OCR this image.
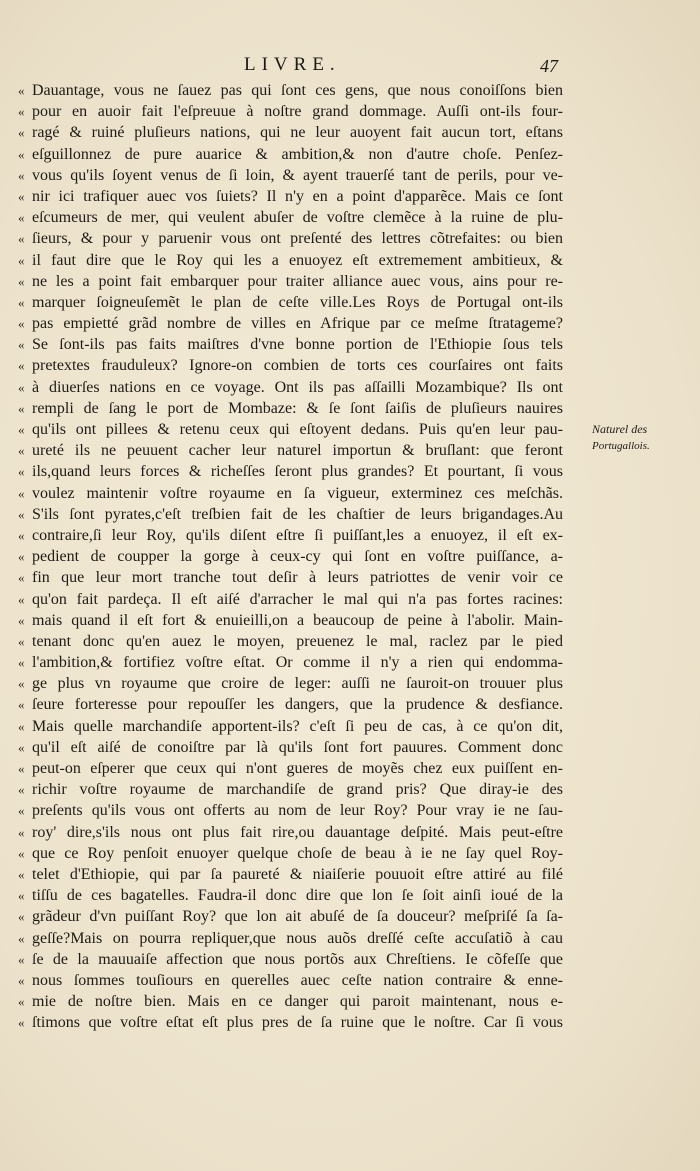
LIVRE.	47
« Dauantage, vous ne ſauez pas qui ſont ces gens, que nous conoiſſons bien
« pour en auoir fait l'eſpreuue à noſtre grand dommage. Auſſi ont-ils four-
« ragé & ruiné pluſieurs nations, qui ne leur auoyent fait aucun tort, eſtans
« eſguillonnez de pure auarice & ambition,& non d'autre choſe. Penſez-
« vous qu'ils ſoyent venus de ſi loin, & ayent trauerſé tant de perils, pour ve-
« nir ici trafiquer auec vos ſuiets? Il n'y en a point d'apparẽce. Mais ce ſont
« eſcumeurs de mer, qui veulent abuſer de voſtre clemẽce à la ruine de plu-
« ſieurs, & pour y paruenir vous ont preſenté des lettres cõtrefaites: ou bien
« il faut dire que le Roy qui les a enuoyez eſt extremement ambitieux, &
« ne les a point fait embarquer pour traiter alliance auec vous, ains pour re-
« marquer ſoigneuſemẽt le plan de ceſte ville.Les Roys de Portugal ont-ils
« pas empietté grãd nombre de villes en Afrique par ce meſme ſtratageme?
« Se ſont-ils pas faits maiſtres d'vne bonne portion de l'Ethiopie ſous tels
« pretextes frauduleux? Ignore-on combien de torts ces courſaires ont faits
« à diuerſes nations en ce voyage. Ont ils pas aſſailli Mozambique? Ils ont
« rempli de ſang le port de Mombaze: & ſe ſont ſaiſis de pluſieurs nauires
« qu'ils ont pillees & retenu ceux qui eſtoyent dedans. Puis qu'en leur pau-
« ureté ils ne peuuent cacher leur naturel importun & bruſlant: que feront
« ils,quand leurs forces & richeſſes ſeront plus grandes? Et pourtant, ſi vous
« voulez maintenir voſtre royaume en ſa vigueur, exterminez ces meſchãs.
« S'ils ſont pyrates,c'eſt treſbien fait de les chaſtier de leurs brigandages.Au
« contraire,ſi leur Roy, qu'ils diſent eſtre ſi puiſſant,les a enuoyez, il eſt ex-
« pedient de coupper la gorge à ceux-cy qui ſont en voſtre puiſſance, a-
« fin que leur mort tranche tout deſir à leurs patriottes de venir voir ce
« qu'on fait pardeça. Il eſt aiſé d'arracher le mal qui n'a pas fortes racines:
« mais quand il eſt fort & enuieilli,on a beaucoup de peine à l'abolir. Main-
« tenant donc qu'en auez le moyen, preuenez le mal, raclez par le pied
« l'ambition,& fortifiez voſtre eſtat. Or comme il n'y a rien qui endomma-
« ge plus vn royaume que croire de leger: auſſi ne ſauroit-on trouuer plus
« ſeure forteresse pour repouſſer les dangers, que la prudence & desfiance.
« Mais quelle marchandiſe apportent-ils? c'eſt ſi peu de cas, à ce qu'on dit,
« qu'il eſt aiſé de conoiſtre par là qu'ils ſont fort pauures. Comment donc
« peut-on eſperer que ceux qui n'ont gueres de moyẽs chez eux puiſſent en-
« richir voſtre royaume de marchandiſe de grand pris? Que diray-ie des
« preſents qu'ils vous ont offerts au nom de leur Roy? Pour vray ie ne ſau-
« roy' dire,s'ils nous ont plus fait rire,ou dauantage deſpité. Mais peut-eſtre
« que ce Roy penſoit enuoyer quelque choſe de beau à ie ne ſay quel Roy-
« telet d'Ethiopie, qui par ſa paureté & niaiſerie pouuoit eſtre attiré au filé
« tiſſu de ces bagatelles. Faudra-il donc dire que lon ſe ſoit ainſi ioué de la
« grãdeur d'vn puiſſant Roy? que lon ait abuſé de ſa douceur? meſpriſé ſa ſa-
« geſſe?Mais on pourra repliquer,que nous auõs dreſſé ceſte accuſatiõ à cau
« ſe de la mauuaiſe affection que nous portõs aux Chreſtiens. Ie cõfeſſe que
« nous ſommes touſiours en querelles auec ceſte nation contraire & enne-
« mie de noſtre bien. Mais en ce danger qui paroit maintenant, nous e-
« ſtimons que voſtre eſtat eſt plus pres de ſa ruine que le noſtre. Car ſi vous
Naturel des
Portugallois.
